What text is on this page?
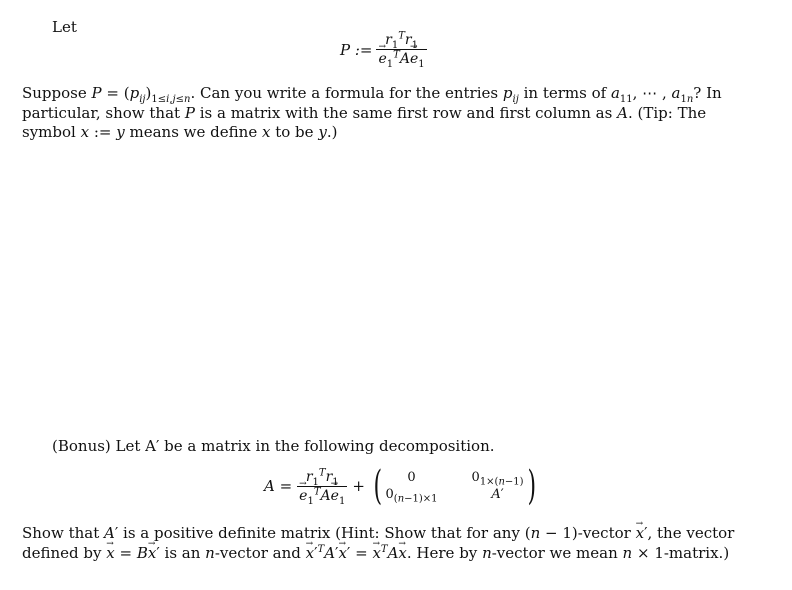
Let
P := $r_1^Tr_1$
→ $e_1^TA\to e_1$

Suppose $P = (p_{ij})_{1\le i,j\le n}$. Can you write a formula for the entries $p_{ij}$ in terms of $a_{11}$, ⋯ , $a_{1n}$? In particular, show that P is a matrix with the same first row and first column as A. (Tip: The symbol x := y means we define x to be y.)

(Bonus) Let A′ be a matrix in the following decomposition.
$A = r_1^Tr_1$
→ $e_1^TA\to e_1$ + (	0	$0_{1\times(n-1)}$
$0_{(n-1)\times 1}$	A′ )

Show that A′ is a positive definite matrix (Hint: Show that for any (n − 1)-vector → x′, the vector defined by → x = B→ x′ is an n-vector and → $x'^TA'\to x'$ = → $x^TA\to x$. Here by n-vector we mean n × 1-matrix.)
